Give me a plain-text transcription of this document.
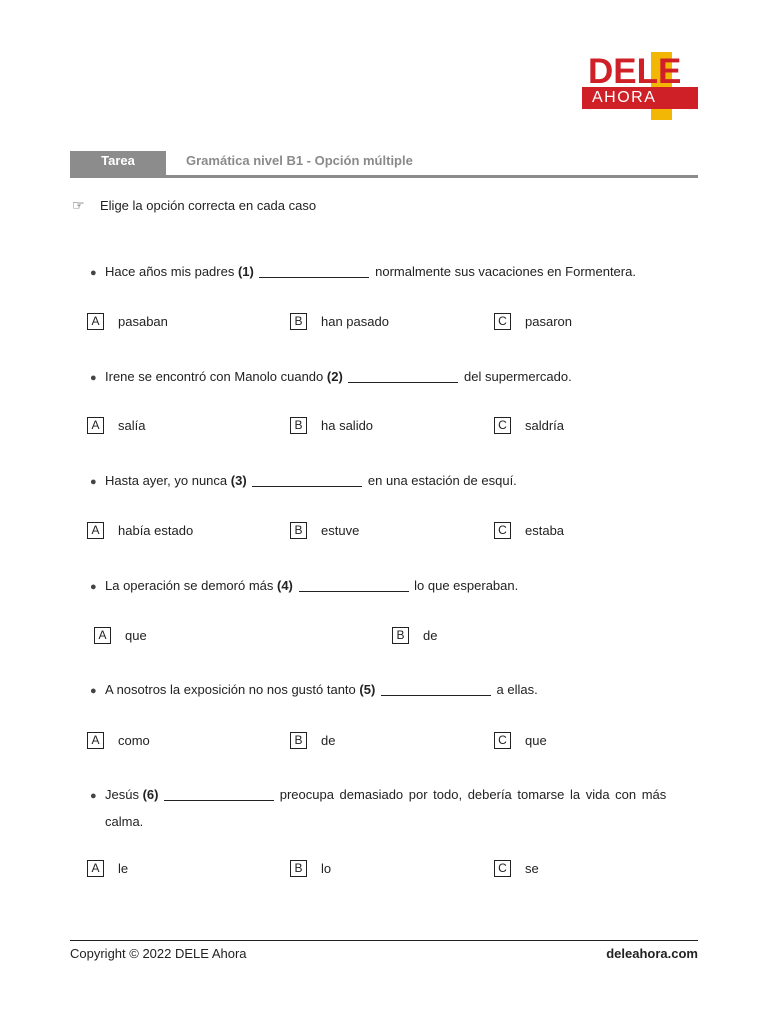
DELE
AHORA
Tarea	Gramática nivel B1 - Opción múltiple
☞ Elige la opción correcta en cada caso
● Hace años mis padres (1)	normalmente sus vacaciones en Formentera.
A pasaban	B han pasado	C pasaron
● Irene se encontró con Manolo cuando (2)	del supermercado.
A salía	B ha salido	C saldría
● Hasta ayer, yo nunca (3)	en una estación de esquí.
A había estado	B estuve	C estaba
● La operación se demoró más (4)	lo que esperaban.
A que	B de
● A nosotros la exposición no nos gustó tanto (5)	a ellas.
A como	B de	C que
● Jesús (6)	preocupa demasiado por todo, debería tomarse la vida con más
calma.
A le	B lo	C se
Copyright © 2022 DELE Ahora	deleahora.com
